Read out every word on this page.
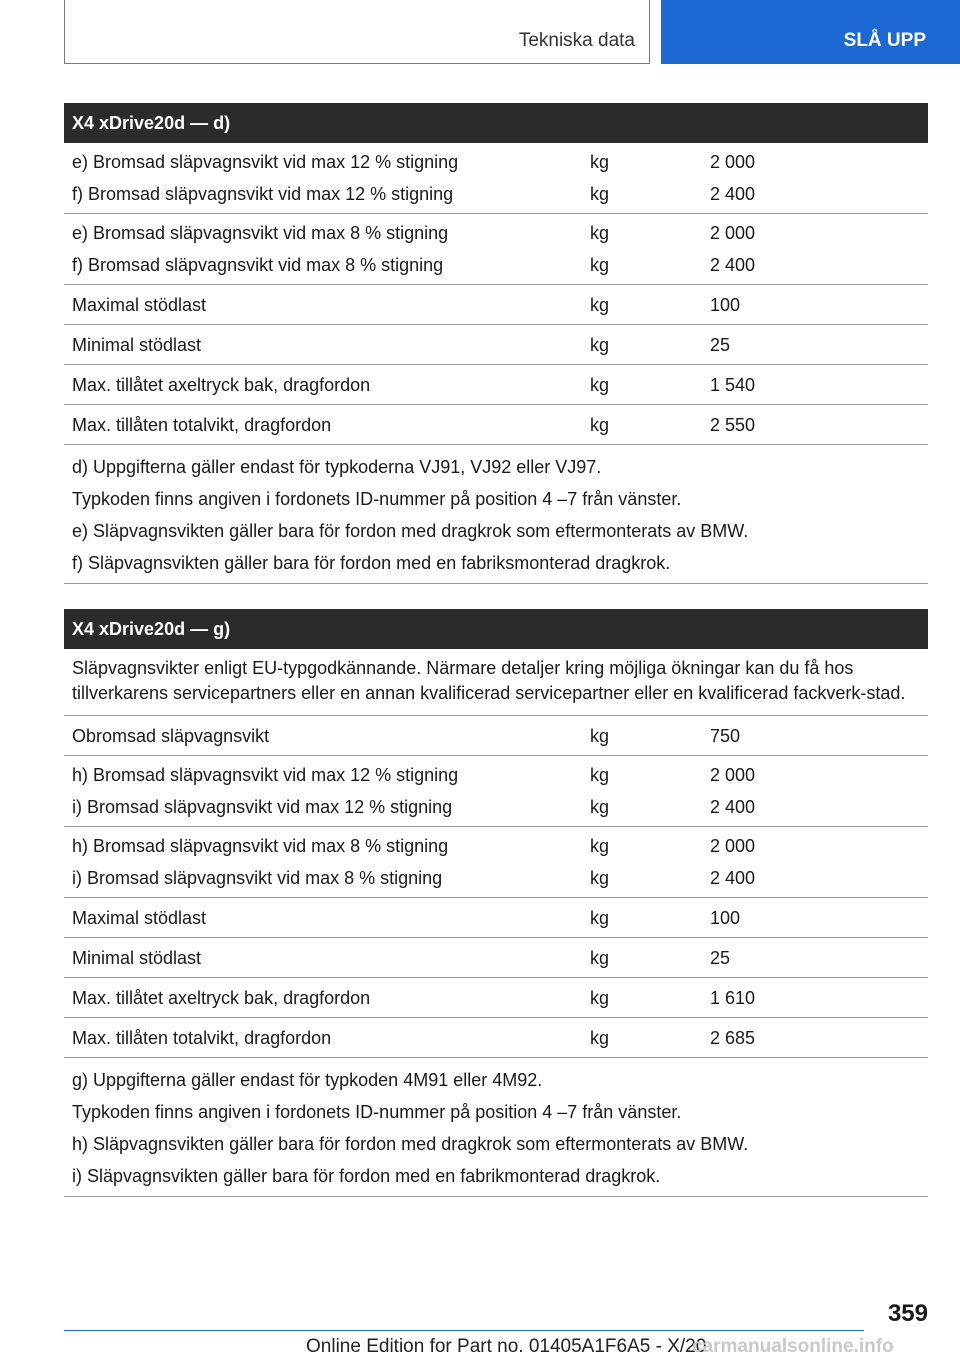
Tekniska data	SLÅ UPP
X4 xDrive20d — d)
e) Bromsad släpvagnsvikt vid max 12 % stigning	kg	2 000
f) Bromsad släpvagnsvikt vid max 12 % stigning	kg	2 400
e) Bromsad släpvagnsvikt vid max 8 % stigning	kg	2 000
f) Bromsad släpvagnsvikt vid max 8 % stigning	kg	2 400
Maximal stödlast	kg	100
Minimal stödlast	kg	25
Max. tillåtet axeltryck bak, dragfordon	kg	1 540
Max. tillåten totalvikt, dragfordon	kg	2 550
d) Uppgifterna gäller endast för typkoderna VJ91, VJ92 eller VJ97.
Typkoden finns angiven i fordonets ID-nummer på position 4 –7 från vänster.
e) Släpvagnsvikten gäller bara för fordon med dragkrok som eftermonterats av BMW.
f) Släpvagnsvikten gäller bara för fordon med en fabriksmonterad dragkrok.
X4 xDrive20d — g)
Släpvagnsvikter enligt EU-typgodkännande. Närmare detaljer kring möjliga ökningar kan du få hos tillverkarens servicepartners eller en annan kvalificerad servicepartner eller en kvalificerad fackverk-stad.
Obromsad släpvagnsvikt	kg	750
h) Bromsad släpvagnsvikt vid max 12 % stigning	kg	2 000
i) Bromsad släpvagnsvikt vid max 12 % stigning	kg	2 400
h) Bromsad släpvagnsvikt vid max 8 % stigning	kg	2 000
i) Bromsad släpvagnsvikt vid max 8 % stigning	kg	2 400
Maximal stödlast	kg	100
Minimal stödlast	kg	25
Max. tillåtet axeltryck bak, dragfordon	kg	1 610
Max. tillåten totalvikt, dragfordon	kg	2 685
g) Uppgifterna gäller endast för typkoden 4M91 eller 4M92.
Typkoden finns angiven i fordonets ID-nummer på position 4 –7 från vänster.
h) Släpvagnsvikten gäller bara för fordon med dragkrok som eftermonterats av BMW.
i) Släpvagnsvikten gäller bara för fordon med en fabrikmonterad dragkrok.
359
Online Edition for Part no. 01405A1F6A5 - X/20
carmanualsonline.info
